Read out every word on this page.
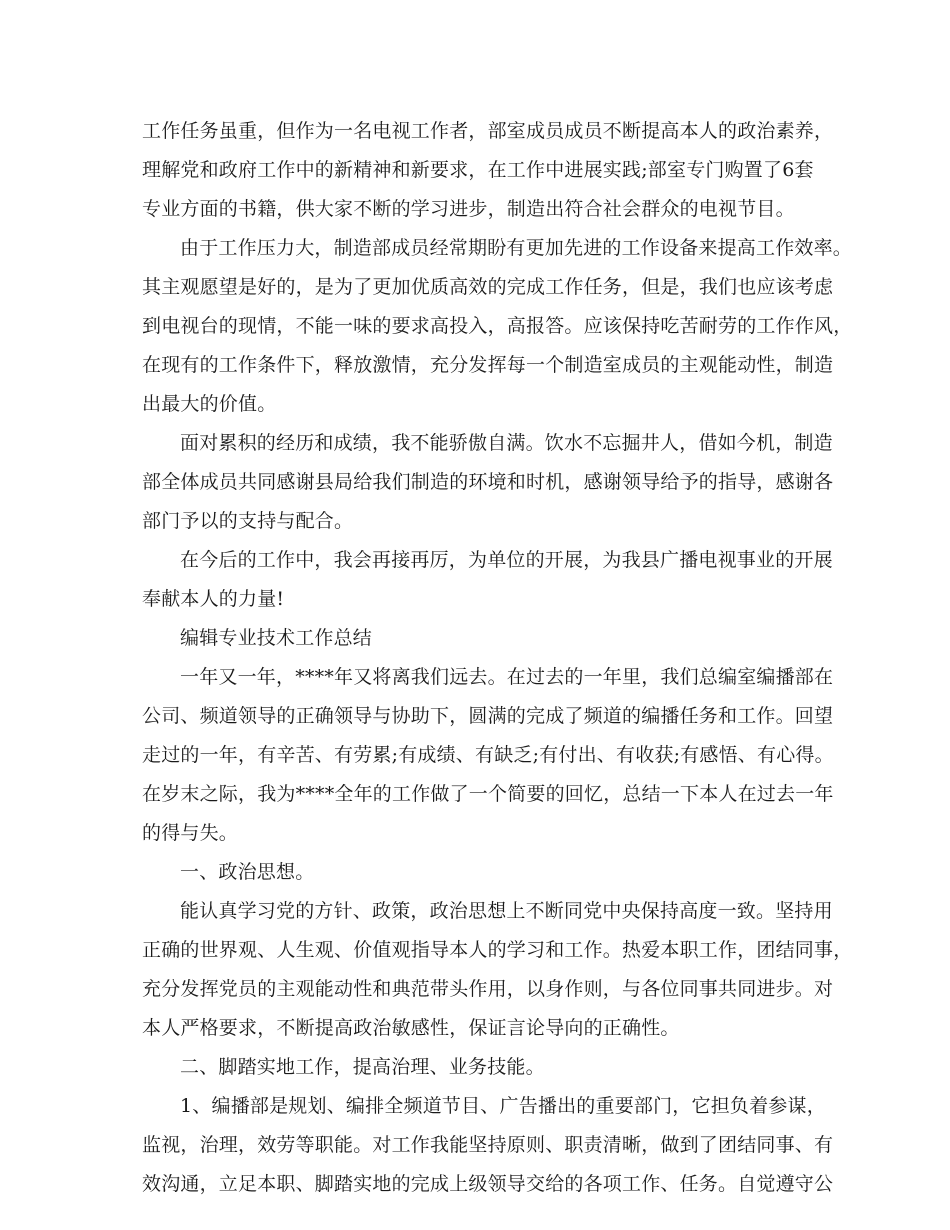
工作任务虽重，但作为一名电视工作者，部室成员成员不断提高本人的政治素养，
理解党和政府工作中的新精神和新要求，在工作中进展实践;部室专门购置了6套
专业方面的书籍，供大家不断的学习进步，制造出符合社会群众的电视节目。
由于工作压力大，制造部成员经常期盼有更加先进的工作设备来提高工作效率。
其主观愿望是好的，是为了更加优质高效的完成工作任务，但是，我们也应该考虑
到电视台的现情，不能一味的要求高投入，高报答。应该保持吃苦耐劳的工作作风，
在现有的工作条件下，释放激情，充分发挥每一个制造室成员的主观能动性，制造
出最大的价值。
面对累积的经历和成绩，我不能骄傲自满。饮水不忘掘井人，借如今机，制造
部全体成员共同感谢县局给我们制造的环境和时机，感谢领导给予的指导，感谢各
部门予以的支持与配合。
在今后的工作中，我会再接再厉，为单位的开展，为我县广播电视事业的开展
奉献本人的力量!
编辑专业技术工作总结
一年又一年，****年又将离我们远去。在过去的一年里，我们总编室编播部在
公司、频道领导的正确领导与协助下，圆满的完成了频道的编播任务和工作。回望
走过的一年，有辛苦、有劳累;有成绩、有缺乏;有付出、有收获;有感悟、有心得。
在岁末之际，我为****全年的工作做了一个简要的回忆，总结一下本人在过去一年
的得与失。
一、政治思想。
能认真学习党的方针、政策，政治思想上不断同党中央保持高度一致。坚持用
正确的世界观、人生观、价值观指导本人的学习和工作。热爱本职工作，团结同事，
充分发挥党员的主观能动性和典范带头作用，以身作则，与各位同事共同进步。对
本人严格要求，不断提高政治敏感性，保证言论导向的正确性。
二、脚踏实地工作，提高治理、业务技能。
1、编播部是规划、编排全频道节目、广告播出的重要部门，它担负着参谋，
监视，治理，效劳等职能。对工作我能坚持原则、职责清晰，做到了团结同事、有
效沟通，立足本职、脚踏实地的完成上级领导交给的各项工作、任务。自觉遵守公
